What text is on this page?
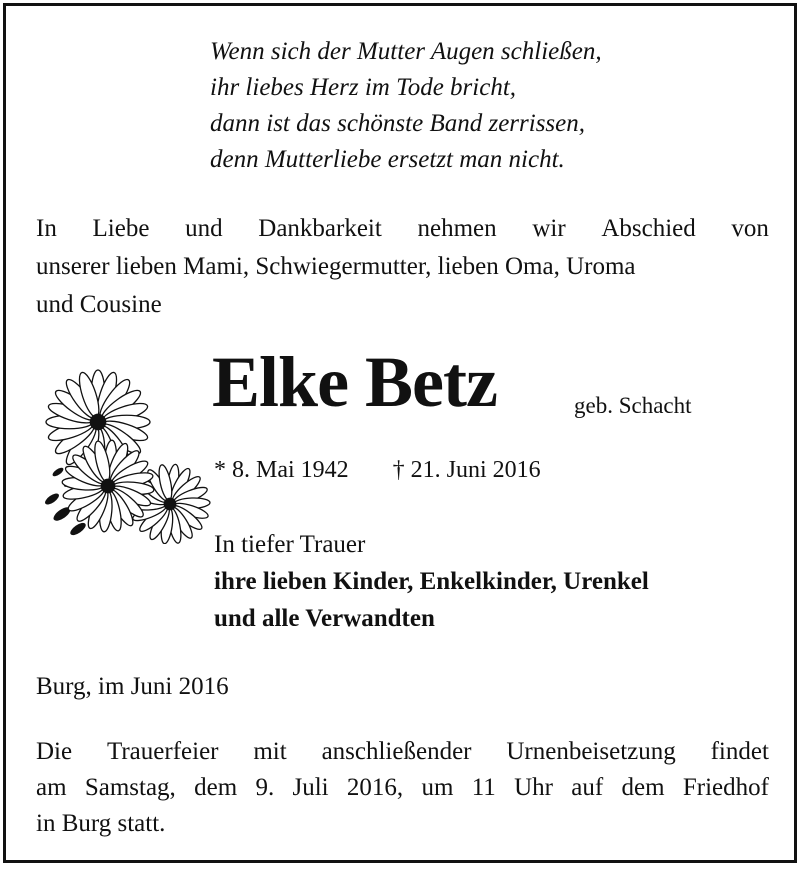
Wenn sich der Mutter Augen schließen,
ihr liebes Herz im Tode bricht,
dann ist das schönste Band zerrissen,
denn Mutterliebe ersetzt man nicht.
In Liebe und Dankbarkeit nehmen wir Abschied von
unserer lieben Mami, Schwiegermutter, lieben Oma, Uroma
und Cousine
Elke Betz	geb. Schacht
* 8. Mai 1942 † 21. Juni 2016
In tiefer Trauer
ihre lieben Kinder, Enkelkinder, Urenkel
und alle Verwandten
Burg, im Juni 2016
Die Trauerfeier mit anschließender Urnenbeisetzung findet
am Samstag, dem 9. Juli 2016, um 11 Uhr auf dem Friedhof
in Burg statt.
